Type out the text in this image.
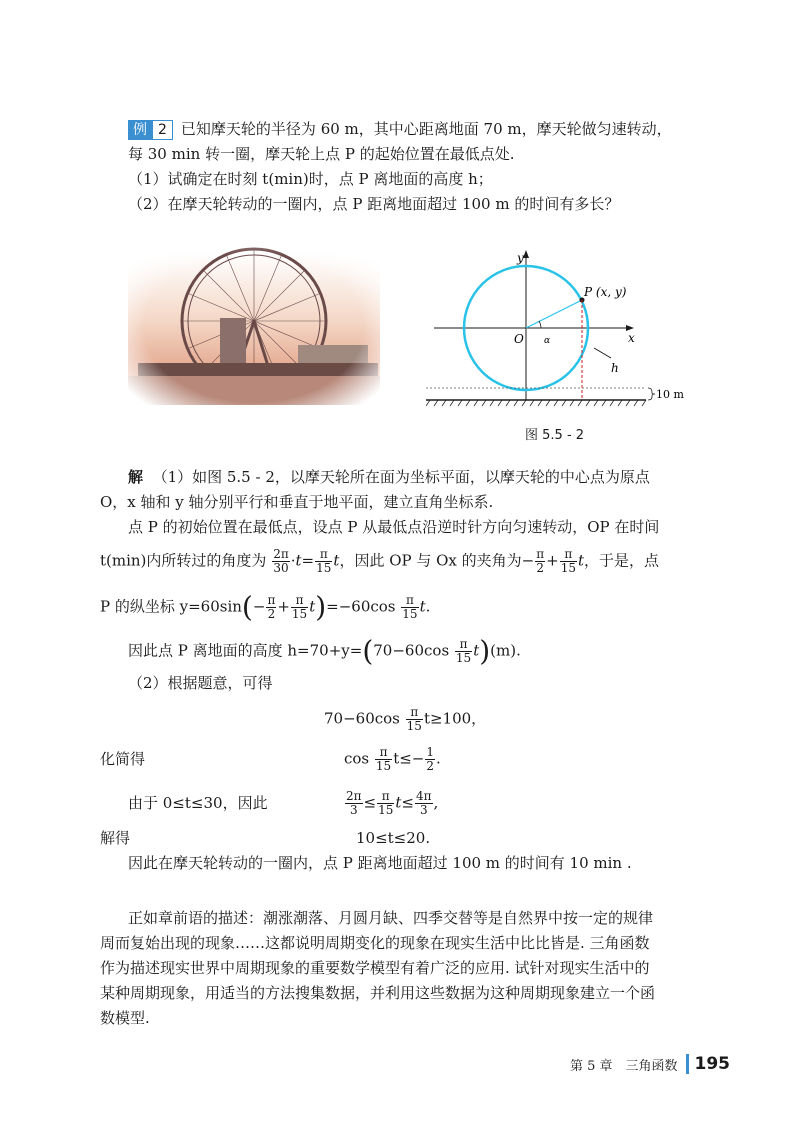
例 2 已知摩天轮的半径为 60 m，其中心距离地面 70 m，摩天轮做匀速转动，
每 30 min 转一圈，摩天轮上点 P 的起始位置在最低点处.
（1）试确定在时刻 t(min)时，点 P 离地面的高度 h；
（2）在摩天轮转动的一圈内，点 P 距离地面超过 100 m 的时间有多长？
y
x
O
P (x, y)
α
h
10 m
图 5.5 - 2
解 （1）如图 5.5 - 2，以摩天轮所在面为坐标平面，以摩天轮的中心点为原点
O，x 轴和 y 轴分别平行和垂直于地平面，建立直角坐标系.
点 P 的初始位置在最低点，设点 P 从最低点沿逆时针方向匀速转动，OP 在时间
t(min)内所转过的角度为 $\frac{2\pi}{30} \cdot t= \frac{\pi}{15}$ t，因此 OP 与 Ox 的夹角为− $\frac{\pi}{2} + \frac{\pi}{15}$ t，于是，点
P 的纵坐标 $y=60\sin(- \frac{\pi}{2} + \frac{\pi}{15} t)=-60\cos \frac{\pi}{15} t$.
因此点 P 离地面的高度 $h=70+y=(70-60\cos \frac{\pi}{15} t)(m)$.
（2）根据题意，可得
$70-60\cos \frac{\pi}{15} t\ge 100$，
化简得	$\cos \frac{\pi}{15} t\le- \frac{1}{2}$ .
由于 0≤t≤30，因此	$\frac{2\pi}{3} \le \frac{\pi}{15} t\le \frac{4\pi}{3}$ ,
解得	10≤t≤20.
因此在摩天轮转动的一圈内，点 P 距离地面超过 100 m 的时间有 10 min .
正如章前语的描述：潮涨潮落、月圆月缺、四季交替等是自然界中按一定的规律
周而复始出现的现象……这都说明周期变化的现象在现实生活中比比皆是. 三角函数
作为描述现实世界中周期现象的重要数学模型有着广泛的应用. 试针对现实生活中的
某种周期现象，用适当的方法搜集数据，并利用这些数据为这种周期现象建立一个函
数模型.
第 5 章　三角函数 195
